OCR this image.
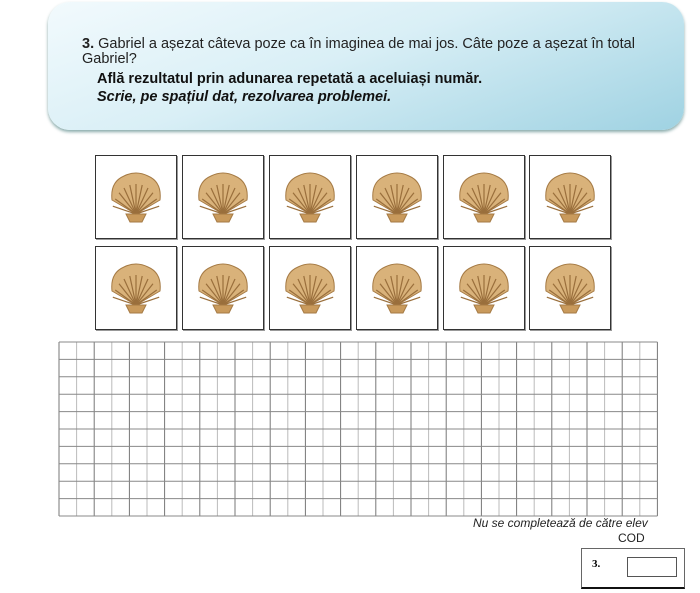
3. Gabriel a așezat câteva poze ca în imaginea de mai jos. Câte poze a așezat în total Gabriel?
Află rezultatul prin adunarea repetată a aceluiași număr.
Scrie, pe spațiul dat, rezolvarea problemei.
Nu se completează de către elev
COD
3.
